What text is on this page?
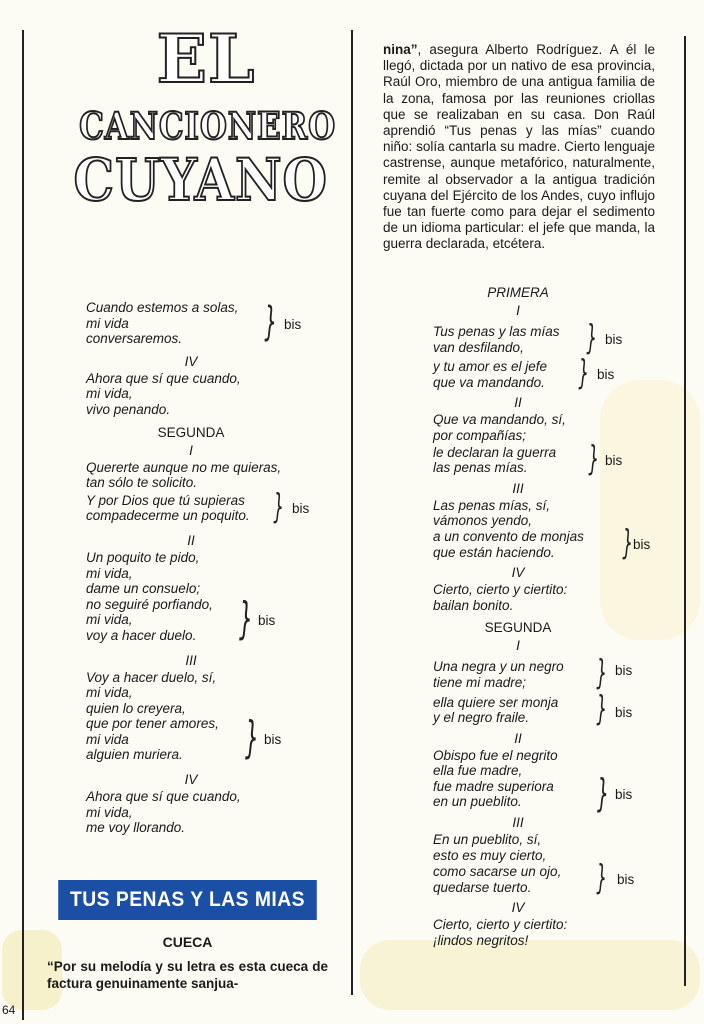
EL
CANCIONERO
CUYANO
Cuando estemos a solas,
mi vida
conversaremos.	} bis
IV
Ahora que sí que cuando,
mi vida,
vivo penando.
SEGUNDA
I
Quererte aunque no me quieras,
tan sólo te solicito.
Y por Dios que tú supieras
compadecerme un poquito. } bis
II
Un poquito te pido,
mi vida,
dame un consuelo;
no seguiré porfiando,
mi vida,
voy a hacer duelo. } bis
III
Voy a hacer duelo, sí,
mi vida,
quien lo creyera,
que por tener amores,
mi vida
alguien muriera.	} bis
IV
Ahora que sí que cuando,
mi vida,
me voy llorando.
TUS PENAS Y LAS MIAS
CUECA
“Por su melodía y su letra es esta cueca de factura genuinamente sanjua-
64
nina”, asegura Alberto Rodríguez. A él le llegó, dictada por un nativo de esa provincia, Raúl Oro, miembro de una antigua familia de la zona, famosa por las reuniones criollas que se realizaban en su casa. Don Raúl aprendió “Tus penas y las mías” cuando niño: solía cantarla su madre. Cierto lenguaje castrense, aunque metafórico, naturalmente, remite al observador a la antigua tradición cuyana del Ejército de los Andes, cuyo influjo fue tan fuerte como para dejar el sedimento de un idioma particular: el jefe que manda, la guerra declarada, etcétera.
PRIMERA
I
Tus penas y las mías
van desfilando,	} bis
y tu amor es el jefe
que va mandando. } bis
II
Que va mandando, sí,
por compañías;
le declaran la guerra
las penas mías.	} bis
III
Las penas mías, sí,
vámonos yendo,
a un convento de monjas
que están haciendo.	} bis
IV
Cierto, cierto y ciertito:
bailan bonito.
SEGUNDA
I
Una negra y un negro
tiene mi madre;	} bis
ella quiere ser monja
y el negro fraile.	} bis
II
Obispo fue el negrito
ella fue madre,
fue madre superiora
en un pueblito.	} bis
III
En un pueblito, sí,
esto es muy cierto,
como sacarse un ojo,
quedarse tuerto.	} bis
IV
Cierto, cierto y ciertito:
¡lindos negritos!
